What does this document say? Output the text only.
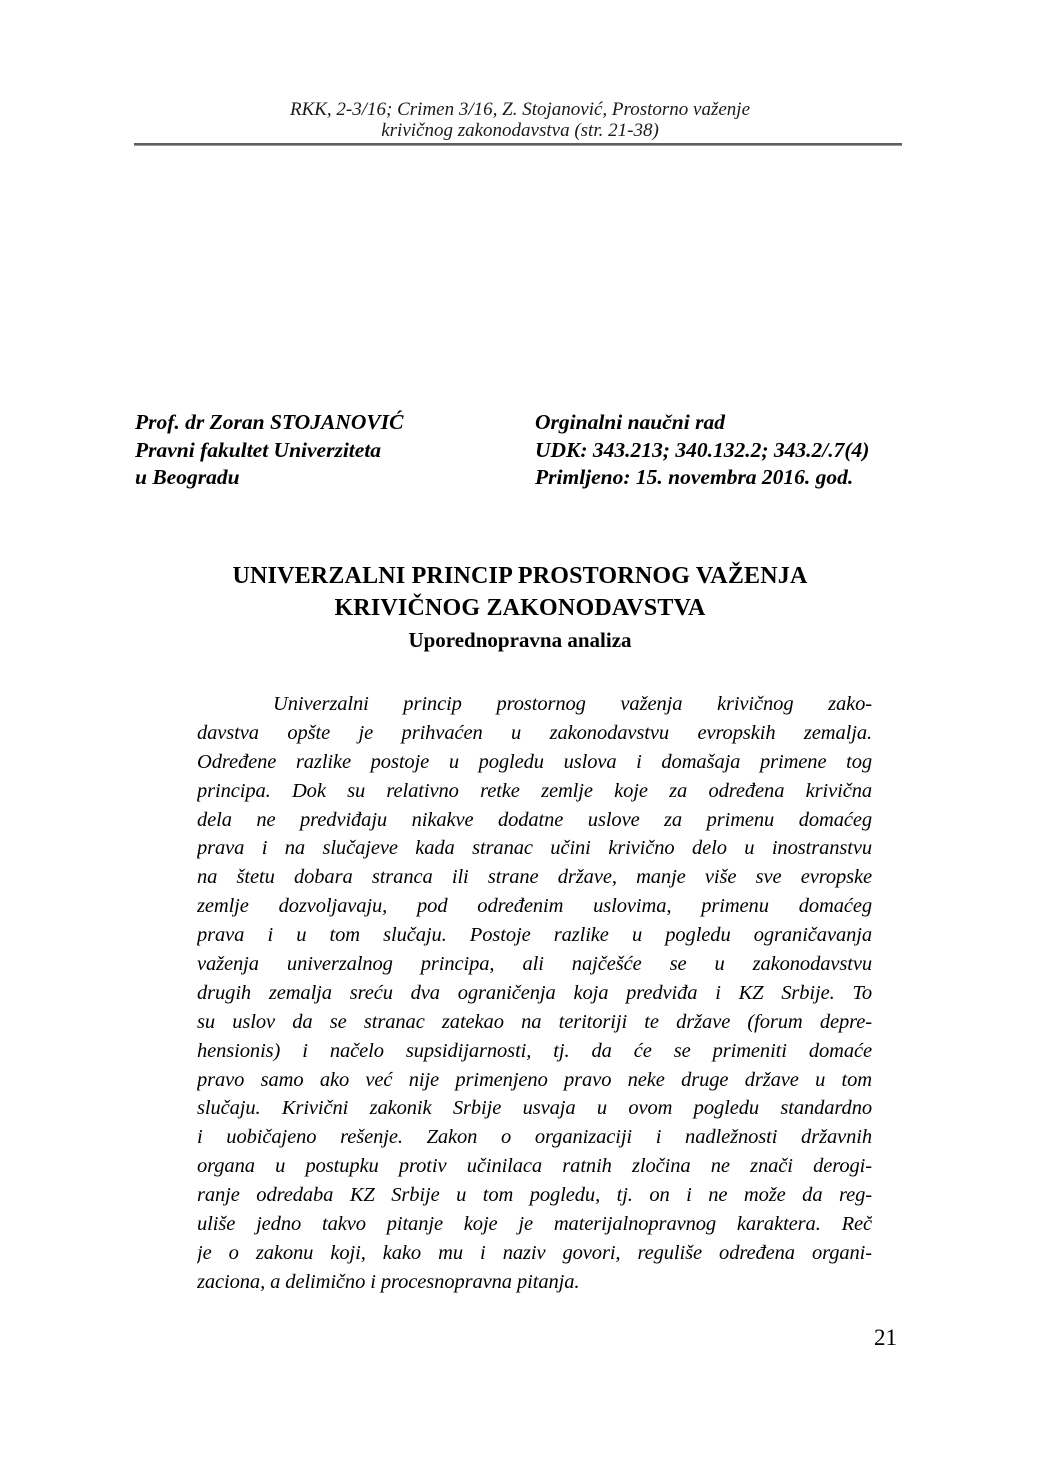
RKK, 2-3/16; Crimen 3/16, Z. Stojanović, Prostorno važenje
krivičnog zakonodavstva (str. 21-38)
Prof. dr Zoran STOJANOVIĆ
Pravni fakultet Univerziteta
u Beogradu
Orginalni naučni rad
UDK: 343.213; 340.132.2; 343.2/.7(4)
Primljeno: 15. novembra 2016. god.
UNIVERZALNI PRINCIP PROSTORNOG VAŽENJA
KRIVIČNOG ZAKONODAVSTVA
Uporednopravna analiza
Univerzalni princip prostornog važenja krivičnog zako-
davstva opšte je prihvaćen u zakonodavstvu evropskih zemalja.
Određene razlike postoje u pogledu uslova i domašaja primene tog
principa. Dok su relativno retke zemlje koje za određena krivična
dela ne predviđaju nikakve dodatne uslove za primenu domaćeg
prava i na slučajeve kada stranac učini krivično delo u inostranstvu
na štetu dobara stranca ili strane države, manje više sve evropske
zemlje dozvoljavaju, pod određenim uslovima, primenu domaćeg
prava i u tom slučaju. Postoje razlike u pogledu ograničavanja
važenja univerzalnog principa, ali najčešće se u zakonodavstvu
drugih zemalja sreću dva ograničenja koja predviđa i KZ Srbije. To
su uslov da se stranac zatekao na teritoriji te države (forum depre-
hensionis) i načelo supsidijarnosti, tj. da će se primeniti domaće
pravo samo ako već nije primenjeno pravo neke druge države u tom
slučaju. Krivični zakonik Srbije usvaja u ovom pogledu standardno
i uobičajeno rešenje. Zakon o organizaciji i nadležnosti državnih
organa u postupku protiv učinilaca ratnih zločina ne znači derogi-
ranje odredaba KZ Srbije u tom pogledu, tj. on i ne može da reg-
uliše jedno takvo pitanje koje je materijalnopravnog karaktera. Reč
je o zakonu koji, kako mu i naziv govori, reguliše određena organi-
zaciona, a delimično i procesnopravna pitanja.
21
